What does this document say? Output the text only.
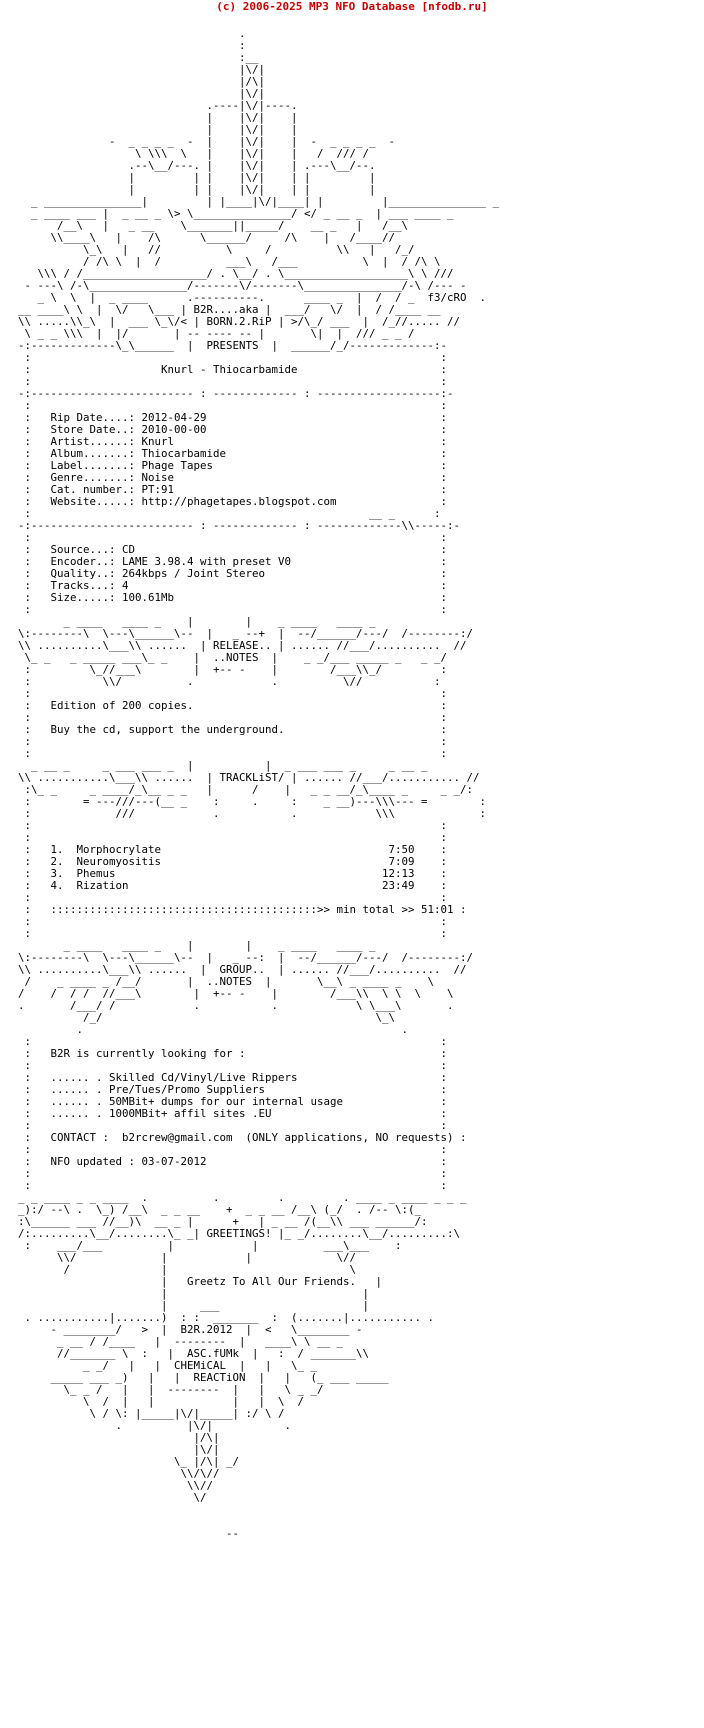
(c) 2006-2025 MP3 NFO Database [nfodb.ru]
.
:
:__
|\/|
|/\|
|\/|
.----|\/|----.
|    |\/|    |
|    |\/|    |
-  _ _ _ _  -  |    |\/|    |  -  _ _ _ _  -
\ \\\  \   |    |\/|    |   /  /// /
.--\__/---. |    |\/|    | .---\__/--.
|         | |    |\/|    | |         |
|         | |    |\/|    | |         |
_ _______________|         | |____|\/|____| |         |_______________ _
_ ____ ___ |  _ __ _ \> \_______________/ </ _ __ _  | ___ ____ _
/__\   |   _ __    \_______||_____/    __ _   |   /__\
\\____\   |    /\      \______/     /\    |   /____//
\_\   |   //          \     /          \\   |   /_/
/ /\ \  |  /          ___\   /___          \  |  / /\ \
\\\ / /___________________/ . \__/ . \___________________\ \ ///
- ---\ /-\_______________/-------\/-------\_______________/-\ /--- -
_ \  \  |  _ ____      .----------.      ____ _  |  /  / _  f3/cRO  .
__ ____\ \  |  \/   \___ | B2R....aka |  ___/   \/  |  / /____ __
\\ .....\\_\  |  ___ \_\/< | BORN.2.RiP | >/\_/ ___  |  /_//..... //
\ _ _ \\\  |  |/       | -- ---- -- |       \|  |  /// _ _ /
-:-------------\_\______  |  PRESENTS  |  ______/_/-------------:-
:                                                               :
:                    Knurl - Thiocarbamide                      :
:                                                               :
-:------------------------- : ------------- : -------------------:-
:                                                               :
:   Rip Date....: 2012-04-29                                    :
:   Store Date..: 2010-00-00                                    :
:   Artist......: Knurl                                         :
:   Album.......: Thiocarbamide                                 :
:   Label.......: Phage Tapes                                   :
:   Genre.......: Noise                                         :
:   Cat. number.: PT:91                                         :
:   Website.....: http://phagetapes.blogspot.com                :
:                                                    __ _      :
-:------------------------- : ------------- : -------------\\-----:-
:                                                               :
:   Source...: CD                                               :
:   Encoder..: LAME 3.98.4 with preset V0                       :
:   Quality..: 264kbps / Joint Stereo                           :
:   Tracks...: 4                                                :
:   Size.....: 100.61Mb                                         :
:                                                               :
_ ____   ____ _    |        |    _ ____   ____ _
\:--------\  \---\______\--  |   _ --+  |  --/______/---/  /--------:/
\\ ..........\___\\ ......  | RELEASE.. | ...... //___/..........  //
\_ _   _ _____ ___\_ _    |  ..NOTES  |    _ _/___ _____ _   _ _/
:         \_//___\        |  +-- -    |        /___\\_/         :
:           \\/          .            .          \//           :
:                                                               :
:   Edition of 200 copies.                                      :
:                                                               :
:   Buy the cd, support the underground.                        :
:                                                               :
:                                                               :
_ __ _     _ ___ ___ _  |           |  _ ___ ___ _     _ __ _
\\ ...........\___\\ ......  | TRACKLiST/ | ...... //___/........... //
:\_ _     _ ____/_\__ _ _   |      /    |   _ _ __/_\____ _     _ _/:
:        = ---///---(__ _    :     .     :    _ __)---\\\--- =        :
:             ///            .           .            \\\             :
:                                                               :
:                                                               :
:   1.  Morphocrylate                                   7:50    :
:   2.  Neuromyositis                                   7:09    :
:   3.  Phemus                                         12:13    :
:   4.  Rization                                       23:49    :
:                                                               :
:   :::::::::::::::::::::::::::::::::::::::::>> min total >> 51:01 :
:                                                               :
:                                                               :
_ ____   ____ _    |        |    _ ____   ____ _
\:--------\  \---\______\--  |   _ --:  |  --/______/---/  /--------:/
\\ ..........\___\\ ......  |  GROUP..  | ...... //___/..........  //
/    _ ____ _ /__/       |  ..NOTES  |       \__\ _ ____ _    \
/    /  / /  //___\        |  +-- -    |        /___\\  \ \  \    \
.       /___/ /            .           .            \ \___\       .
/_/                                          \_\
.                                                 .
:                                                               :
:   B2R is currently looking for :                              :
:                                                               :
:   ...... . Skilled Cd/Vinyl/Live Rippers                      :
:   ...... . Pre/Tues/Promo Suppliers                           :
:   ...... . 50MBit+ dumps for our internal usage               :
:   ...... . 1000MBit+ affil sites .EU                          :
:                                                               :
:   CONTACT :  b2rcrew@gmail.com  (ONLY applications, NO requests) :
:                                                               :
:   NFO updated : 03-07-2012                                    :
:                                                               :
:                                                               :
_ _ ____ _ _ ____  .          .         .         . ____ _ ____ _ _ _
_):/ --\ .  \_) /__\  _ _ __    +  _ _ __ /__\ (_/  . /-- \:(_
:\______ ___ //__)\  __ _ |      +   | _ __ /(__\\ ___ ______/:
/:.........\__/........\_ _| GREETINGS! |_ _/........\__/.........:\
:    ___/___          |            |          ___\___    :
\\/             |            |             \//
/              |                            \
|   Greetz To All Our Friends.   |
|                              |
|     ___                      |
. ...........|.......)  : :  _______  :  (.......|........... .
- ________/   >  |  B2R.2012  |  <   \________ -
_ __ / /____   |  --------  |   ____\ \ __ _
//_______ \  :   |  ASC.fUMk  |   :  / _______\\
_ _/   |   |  CHEMiCAL  |   |   \_ _
_____ ___ _)   |   |  REACTiON  |   |   (_ ___ _____
\_ _ /   |   |  --------  |   |   \ _ _/
\  /  |   |            |   |  \  /
\ / \: |_____|\/|_____| :/ \ /
.          |\/|           .
|/\|
|\/|
\_ |/\| _/
\\/\//
\\//
\/

--
